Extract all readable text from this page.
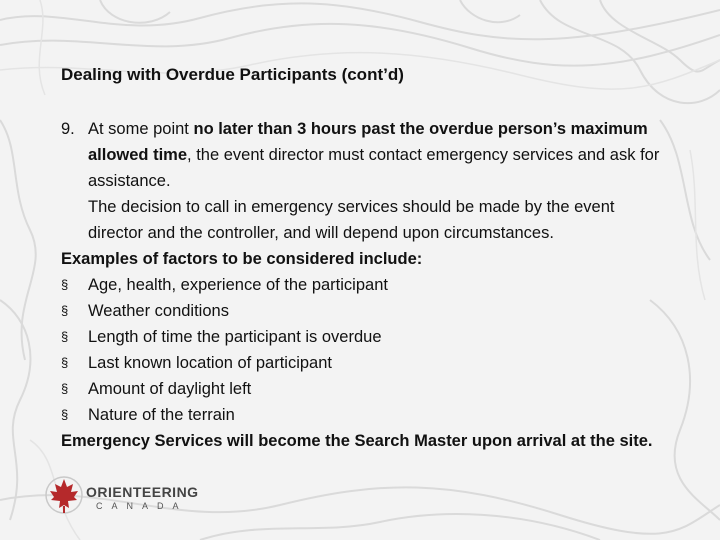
Dealing with Overdue Participants (cont’d)
9. At some point no later than 3 hours past the overdue person’s maximum allowed time, the event director must contact emergency services and ask for assistance.
The decision to call in emergency services should be made by the event director and the controller, and will depend upon circumstances.
Examples of factors to be considered include:
§ Age, health, experience of the participant
§ Weather conditions
§ Length of time the participant is overdue
§ Last known location of participant
§ Amount of daylight left
§ Nature of the terrain
Emergency Services will become the Search Master upon arrival at the site.
ORIENTEERING
CANADA
